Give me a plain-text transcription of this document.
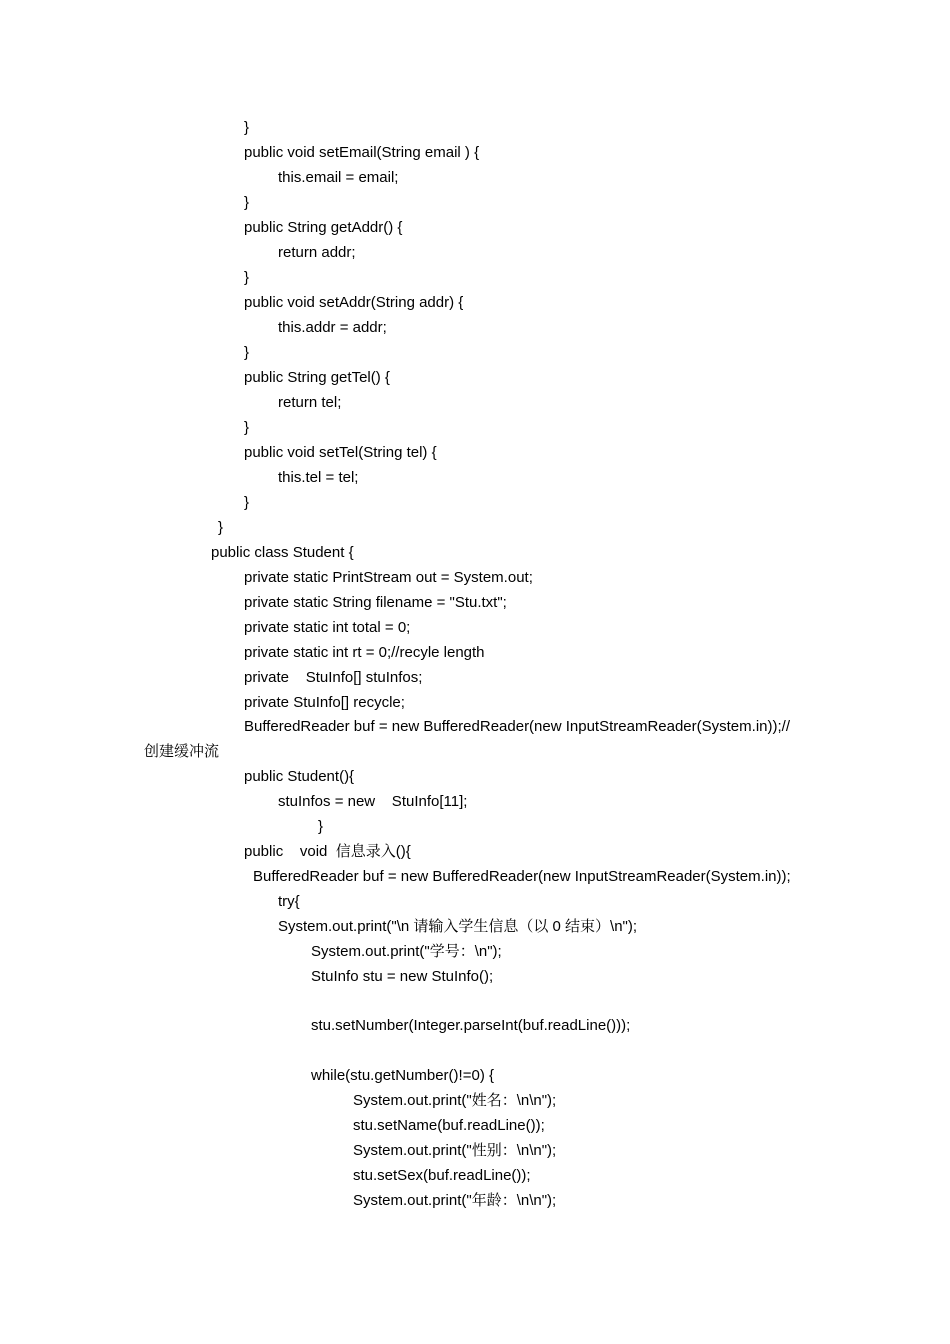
}
public void setEmail(String email ) {
this.email = email;
}
public String getAddr() {
return addr;
}
public void setAddr(String addr) {
this.addr = addr;
}
public String getTel() {
return tel;
}
public void setTel(String tel) {
this.tel = tel;
}
}
public class Student {
private static PrintStream out = System.out;
private static String filename = "Stu.txt";
private static int total = 0;
private static int rt = 0;//recyle length
private    StuInfo[] stuInfos;
private StuInfo[] recycle;
BufferedReader buf = new BufferedReader(new InputStreamReader(System.in));//
创建缓冲流
public Student(){
stuInfos = new    StuInfo[11];
}
public    void  信息录入(){
BufferedReader buf = new BufferedReader(new InputStreamReader(System.in));
try{
System.out.print("\n 请输入学生信息（以 0 结束）\n");
System.out.print("学号：\n");
StuInfo stu = new StuInfo();
stu.setNumber(Integer.parseInt(buf.readLine()));
while(stu.getNumber()!=0) {
System.out.print("姓名：\n\n");
stu.setName(buf.readLine());
System.out.print("性别：\n\n");
stu.setSex(buf.readLine());
System.out.print("年龄：\n\n");
